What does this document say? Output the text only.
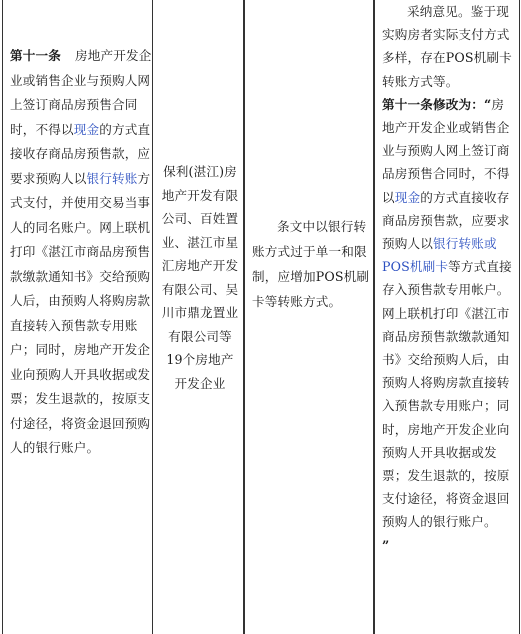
第十一条 房地产开发企业或销售企业与预购人网上签订商品房预售合同时，不得以现金的方式直接收存商品房预售款，应要求预购人以银行转账方式支付，并使用交易当事人的同名账户。网上联机打印《湛江市商品房预售款缴款通知书》交给预购人后，由预购人将购房款直接转入预售款专用账户；同时，房地产开发企业向预购人开具收据或发票；发生退款的，按原支付途径，将资金退回预购人的银行账户。
保利(湛江)房地产开发有限公司、百姓置业、湛江市星汇房地产开发有限公司、吴川市鼎龙置业有限公司等19个房地产开发企业
条文中以银行转账方式过于单一和限制，应增加POS机刷卡等转账方式。
采纳意见。鉴于现实购房者实际支付方式多样，存在POS机刷卡转账方式等。
第十一条修改为：“房地产开发企业或销售企业与预购人网上签订商品房预售合同时，不得以现金的方式直接收存商品房预售款，应要求预购人以银行转账或POS机刷卡等方式直接存入预售款专用帐户。网上联机打印《湛江市商品房预售款缴款通知书》交给预购人后，由预购人将购房款直接转入预售款专用账户；同时，房地产开发企业向预购人开具收据或发票；发生退款的，按原支付途径，将资金退回预购人的银行账户。”
